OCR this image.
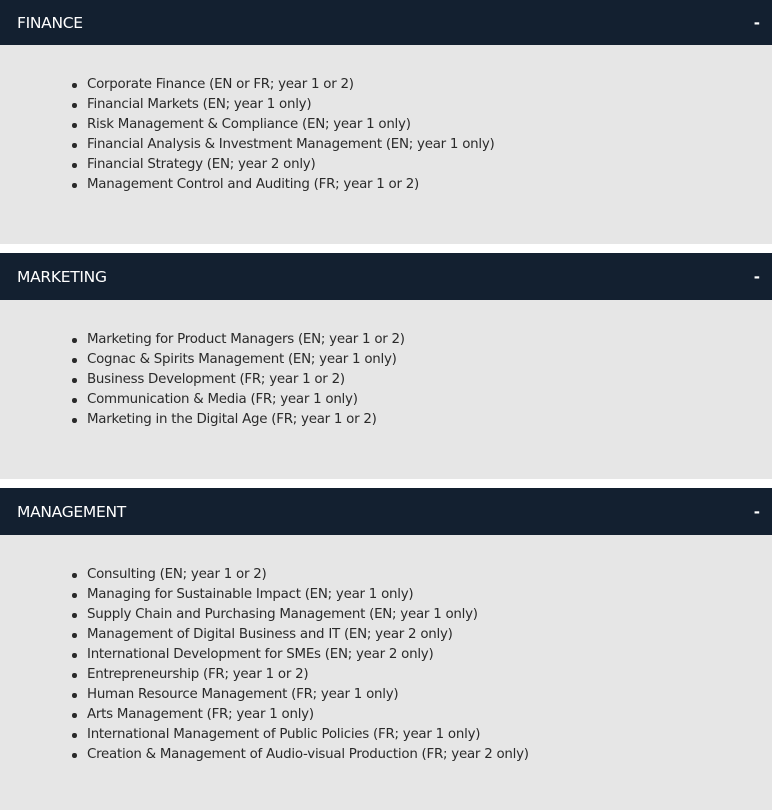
FINANCE	-
Corporate Finance (EN or FR; year 1 or 2)
Financial Markets (EN; year 1 only)
Risk Management & Compliance (EN; year 1 only)
Financial Analysis & Investment Management (EN; year 1 only)
Financial Strategy (EN; year 2 only)
Management Control and Auditing (FR; year 1 or 2)
MARKETING	-
Marketing for Product Managers (EN; year 1 or 2)
Cognac & Spirits Management (EN; year 1 only)
Business Development (FR; year 1 or 2)
Communication & Media (FR; year 1 only)
Marketing in the Digital Age (FR; year 1 or 2)
MANAGEMENT	-
Consulting (EN; year 1 or 2)
Managing for Sustainable Impact (EN; year 1 only)
Supply Chain and Purchasing Management (EN; year 1 only)
Management of Digital Business and IT (EN; year 2 only)
International Development for SMEs (EN; year 2 only)
Entrepreneurship (FR; year 1 or 2)
Human Resource Management (FR; year 1 only)
Arts Management (FR; year 1 only)
International Management of Public Policies (FR; year 1 only)
Creation & Management of Audio-visual Production (FR; year 2 only)
